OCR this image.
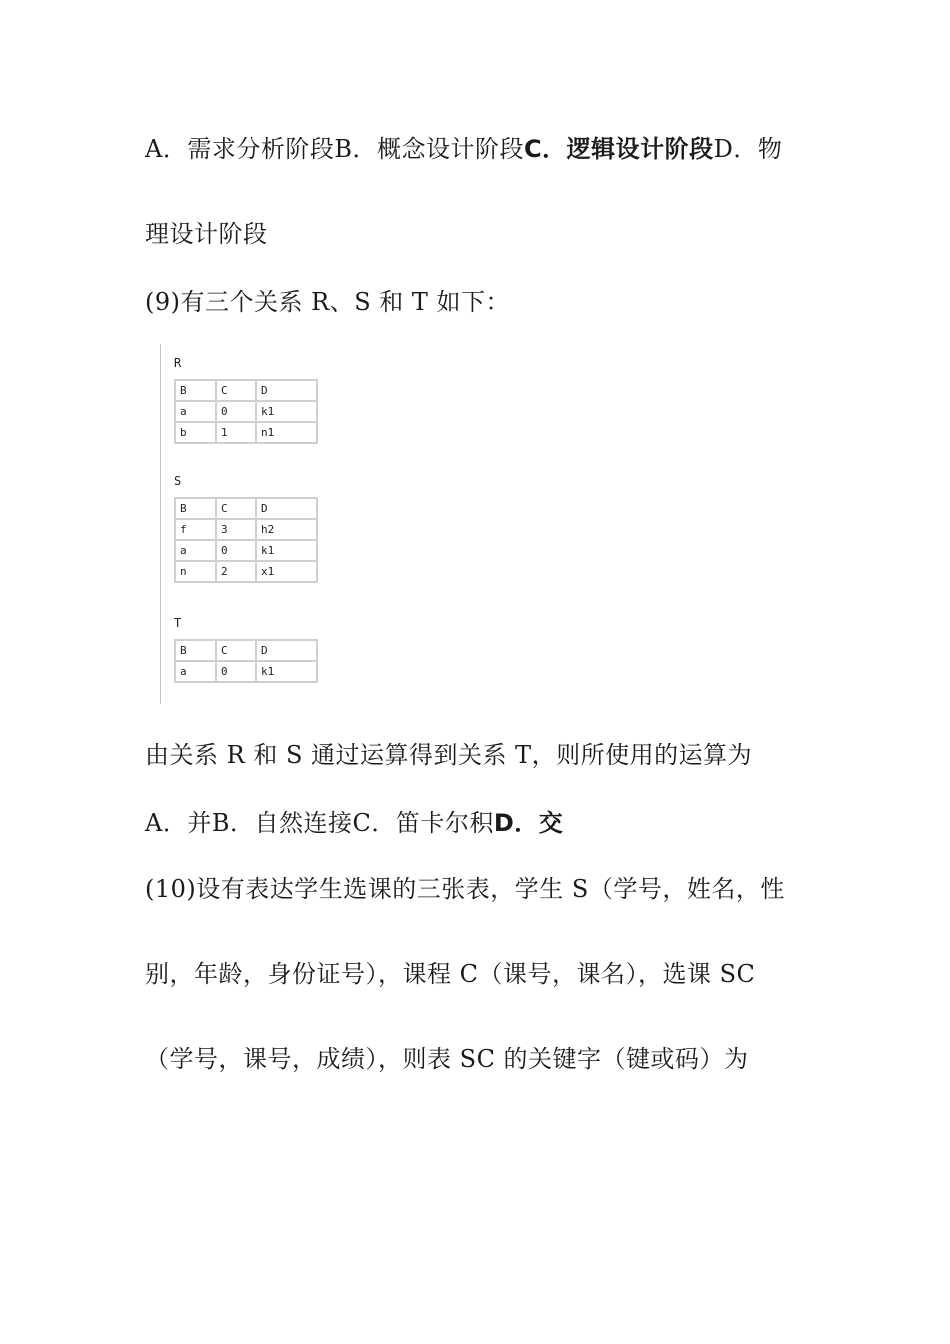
A．需求分析阶段B．概念设计阶段C．逻辑设计阶段D．物
理设计阶段
(9)有三个关系 R、S 和 T 如下：
R
B	C	D
a	0	k1
b	1	n1
S
B	C	D
f	3	h2
a	0	k1
n	2	x1
T
B	C	D
a	0	k1
由关系 R 和 S 通过运算得到关系 T，则所使用的运算为
A．并B．自然连接C．笛卡尔积D．交
(10)设有表达学生选课的三张表，学生 S（学号，姓名，性
别，年龄，身份证号），课程 C（课号，课名），选课 SC
（学号，课号，成绩），则表 SC 的关键字（键或码）为
